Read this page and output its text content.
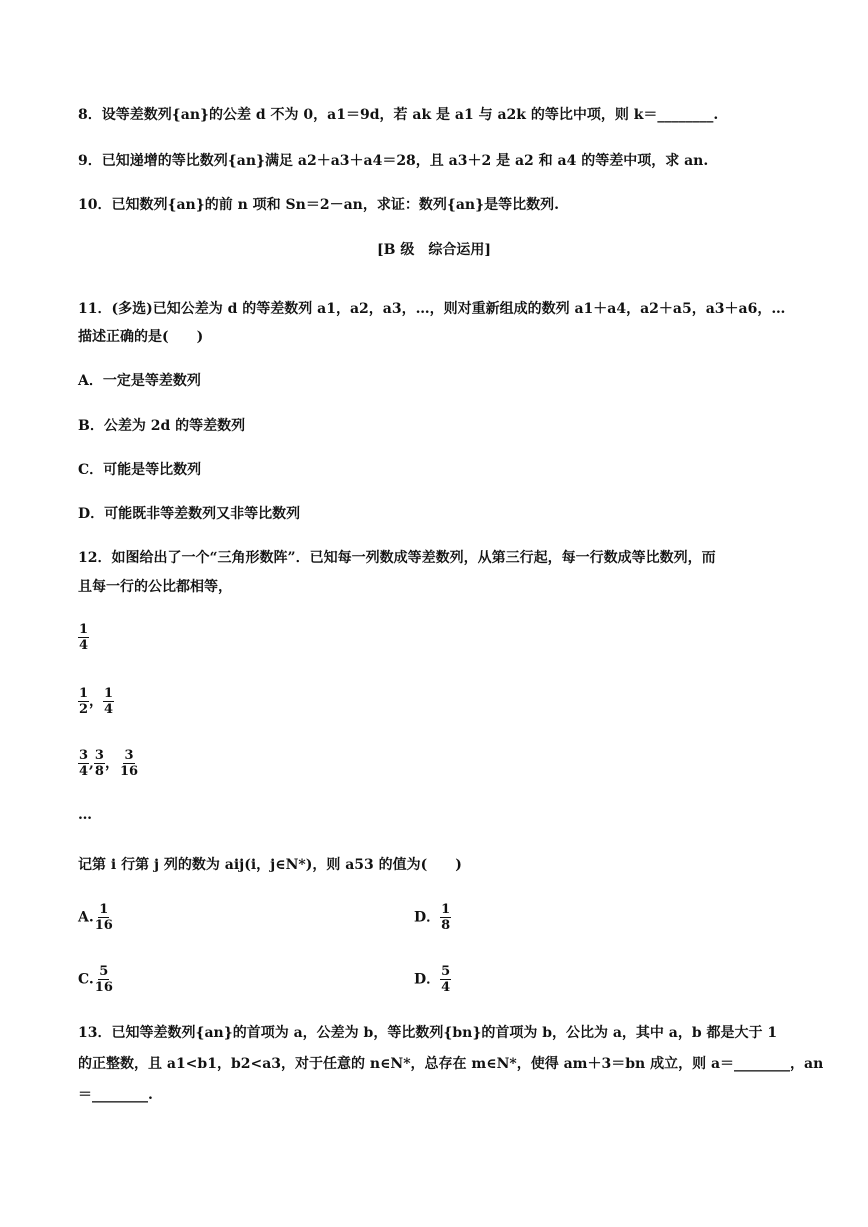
8．设等差数列{an}的公差 d 不为 0，a1＝9d，若 ak 是 a1 与 a2k 的等比中项，则 k＝________.
9．已知递增的等比数列{an}满足 a2＋a3＋a4＝28，且 a3＋2 是 a2 和 a4 的等差中项，求 an.
10．已知数列{an}的前 n 项和 Sn＝2－an，求证：数列{an}是等比数列.
[B 级　综合运用]
11．(多选)已知公差为 d 的等差数列 a1，a2，a3，…，则对重新组成的数列 a1＋a4，a2＋a5，a3＋a6，…
描述正确的是(　　)
A．一定是等差数列
B．公差为 2d 的等差数列
C．可能是等比数列
D．可能既非等差数列又非等比数列
12．如图给出了一个“三角形数阵”．已知每一列数成等差数列，从第三行起，每一行数成等比数列，而
且每一行的公比都相等，
$\frac{1}{4}$
$\frac{1}{2}$ ， $\frac{1}{4}$
$\frac{3}{4}$ , $\frac{3}{8}$ ， $\frac{3}{16}$
…
记第 i 行第 j 列的数为 aij(i，j∈N*)，则 a53 的值为(　　)
A. $\frac{1}{16}$	D． $\frac{1}{8}$
C. $\frac{5}{16}$	D． $\frac{5}{4}$
13．已知等差数列{an}的首项为 a，公差为 b，等比数列{bn}的首项为 b，公比为 a，其中 a，b 都是大于 1
的正整数，且 a1<b1，b2<a3，对于任意的 n∈N*，总存在 m∈N*，使得 am＋3＝bn 成立，则 a＝________，an
＝________.
